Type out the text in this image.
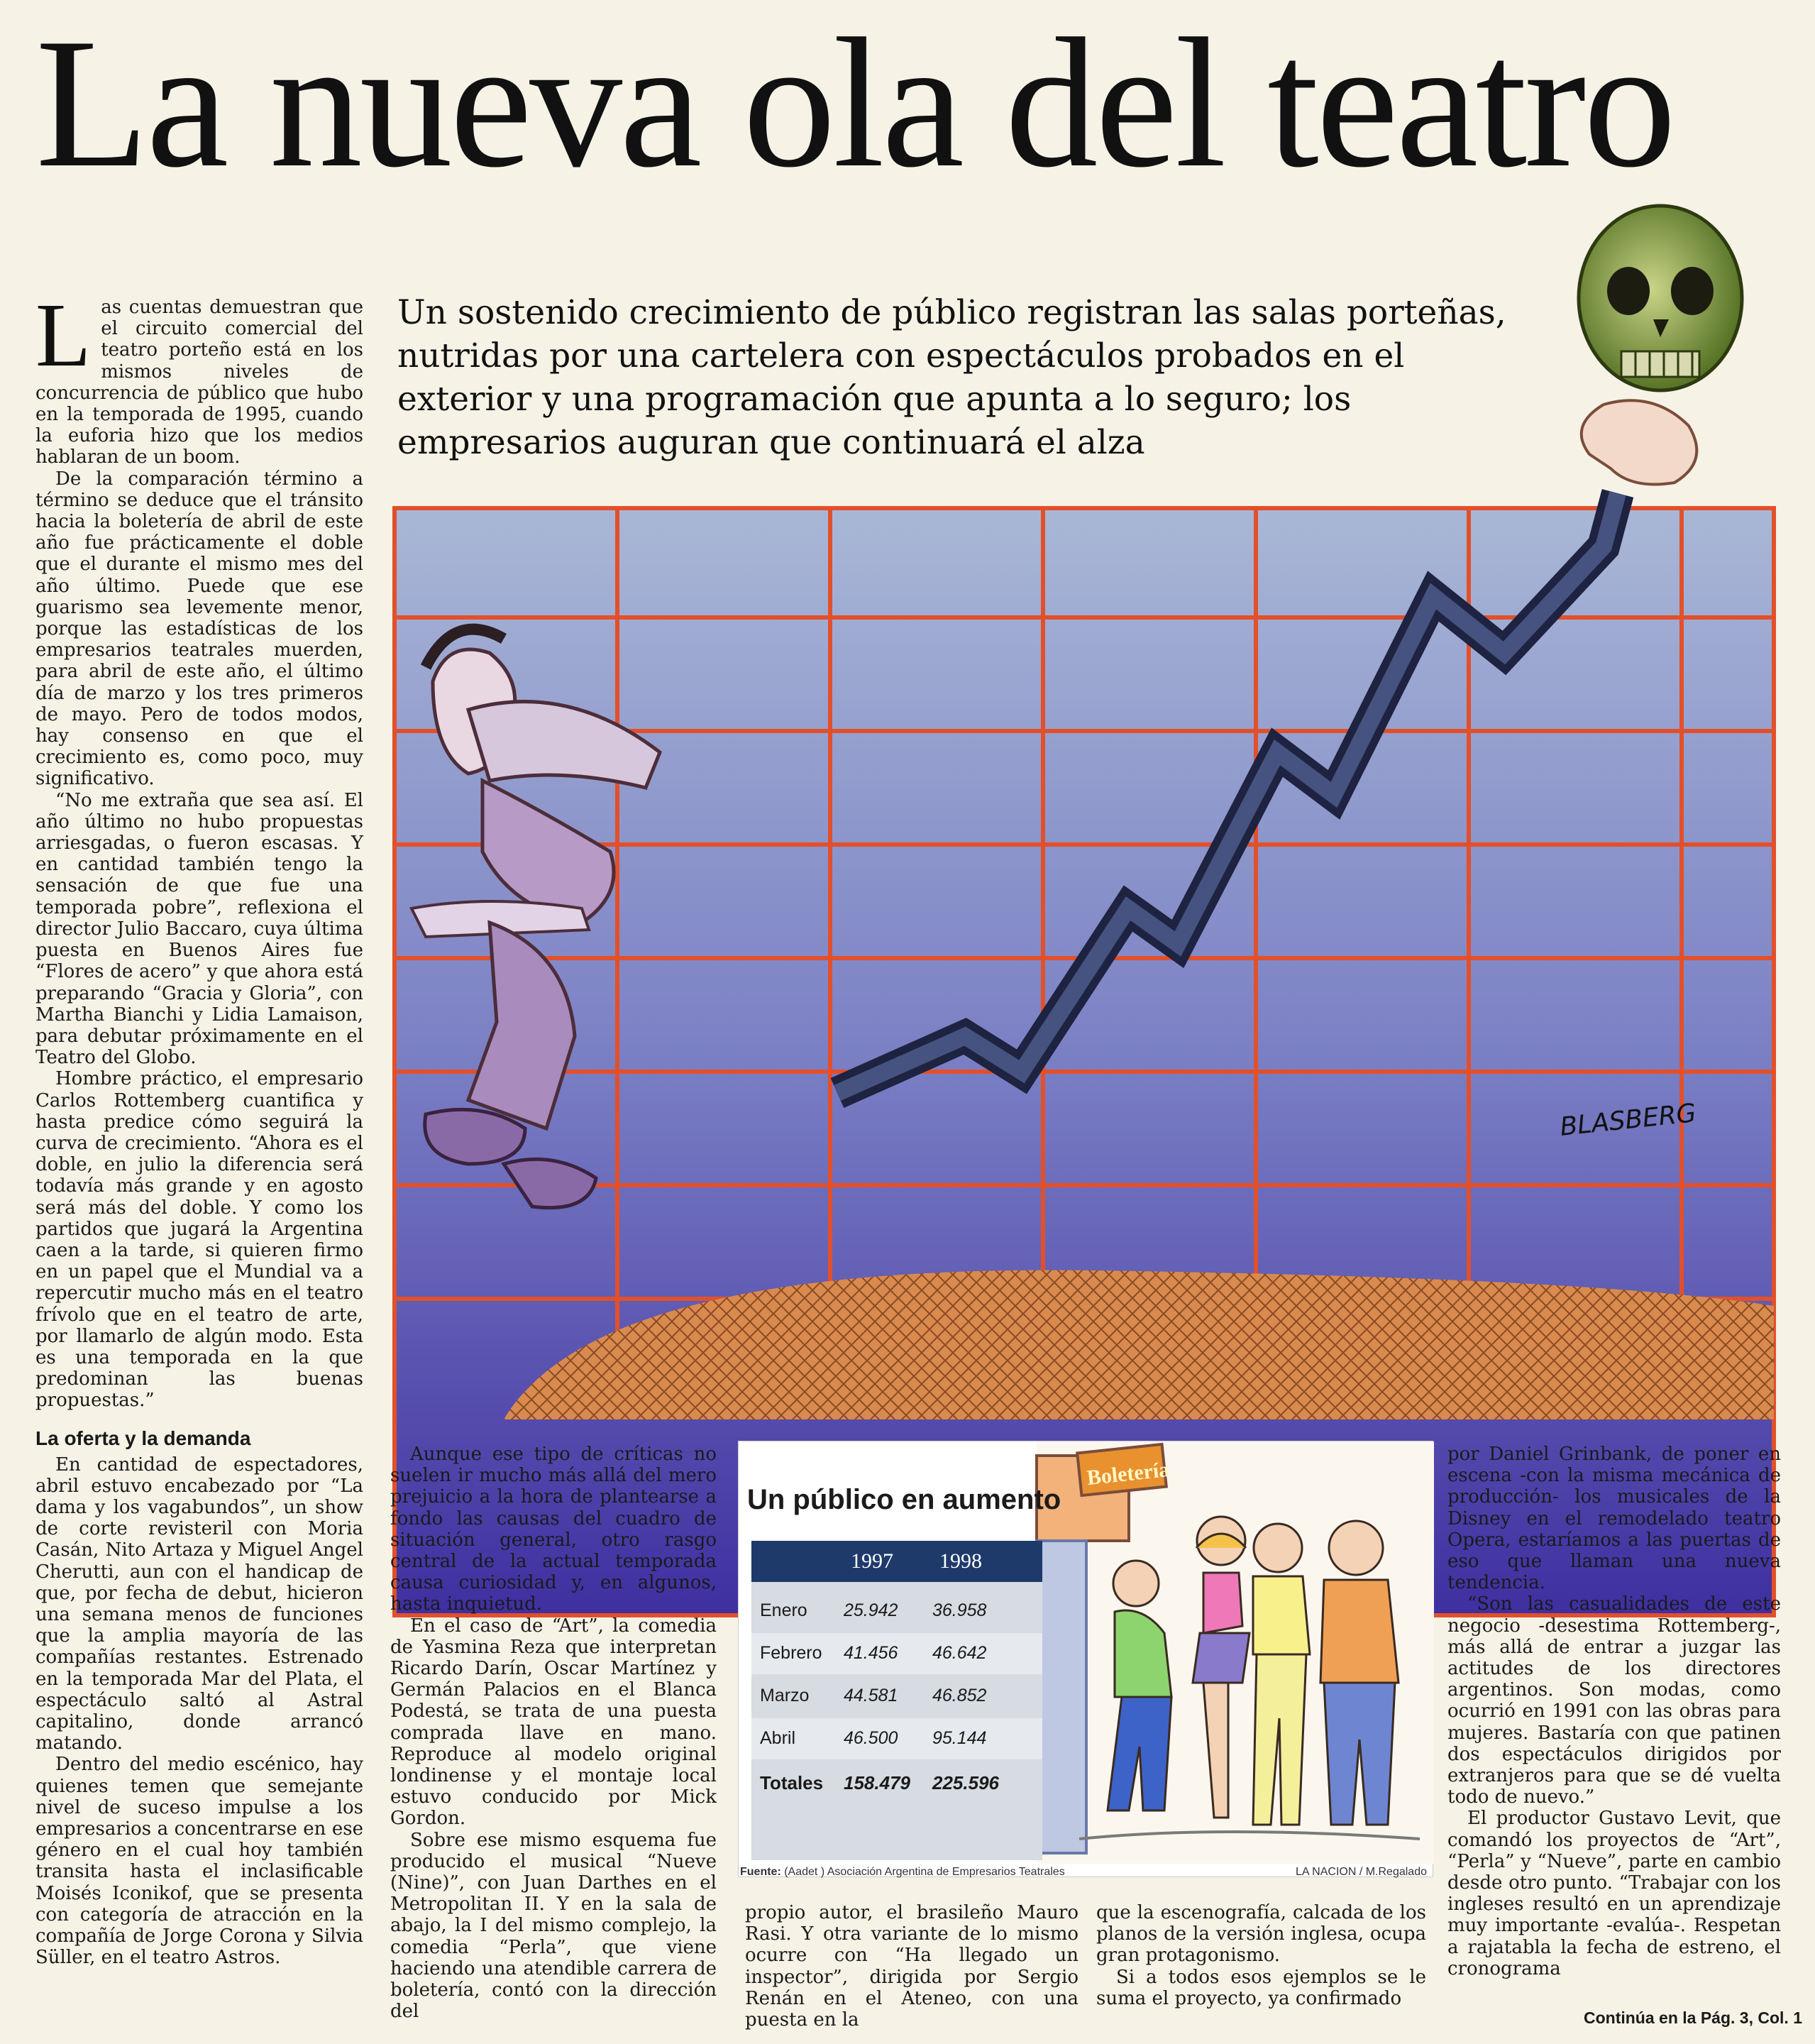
La nueva ola del teatro
Un sostenido crecimiento de público registran las salas porteñas, nutridas por una cartelera con espectáculos probados en el exterior y una programación que apunta a lo seguro; los empresarios auguran que continuará el alza
BLASBERG

Las cuentas demuestran que el circuito comercial del teatro porteño está en los mismos niveles de concurrencia de público que hubo en la temporada de 1995, cuando la euforia hizo que los medios hablaran de un boom.

De la comparación término a término se deduce que el tránsito hacia la boletería de abril de este año fue prácticamente el doble que el durante el mismo mes del año último. Puede que ese guarismo sea levemente menor, porque las estadísticas de los empresarios teatrales muerden, para abril de este año, el último día de marzo y los tres primeros de mayo. Pero de todos modos, hay consenso en que el crecimiento es, como poco, muy significativo.

“No me extraña que sea así. El año último no hubo propuestas arriesgadas, o fueron escasas. Y en cantidad también tengo la sensación de que fue una temporada pobre”, reflexiona el director Julio Baccaro, cuya última puesta en Buenos Aires fue “Flores de acero” y que ahora está preparando “Gracia y Gloria”, con Martha Bianchi y Lidia Lamaison, para debutar próximamente en el Teatro del Globo.

Hombre práctico, el empresario Carlos Rottemberg cuantifica y hasta predice cómo seguirá la curva de crecimiento. “Ahora es el doble, en julio la diferencia será todavía más grande y en agosto será más del doble. Y como los partidos que jugará la Argentina caen a la tarde, si quieren firmo en un papel que el Mundial va a repercutir mucho más en el teatro frívolo que en el teatro de arte, por llamarlo de algún modo. Esta es una temporada en la que predominan las buenas propuestas.”

La oferta y la demanda

En cantidad de espectadores, abril estuvo encabezado por “La dama y los vagabundos”, un show de corte revisteril con Moria Casán, Nito Artaza y Miguel Angel Cherutti, aun con el handicap de que, por fecha de debut, hicieron una semana menos de funciones que la amplia mayoría de las compañías restantes. Estrenado en la temporada Mar del Plata, el espectáculo saltó al Astral capitalino, donde arrancó matando.

Dentro del medio escénico, hay quienes temen que semejante nivel de suceso impulse a los empresarios a concentrarse en ese género en el cual hoy también transita hasta el inclasificable Moisés Iconikof, que se presenta con categoría de atracción en la compañía de Jorge Corona y Silvia Süller, en el teatro Astros.

Aunque ese tipo de críticas no suelen ir mucho más allá del mero prejuicio a la hora de plantearse a fondo las causas del cuadro de situación general, otro rasgo central de la actual temporada causa curiosidad y, en algunos, hasta inquietud.

En el caso de “Art”, la comedia de Yasmina Reza que interpretan Ricardo Darín, Oscar Martínez y Germán Palacios en el Blanca Podestá, se trata de una puesta comprada llave en mano. Reproduce al modelo original londinense y el montaje local estuvo conducido por Mick Gordon.

Sobre ese mismo esquema fue producido el musical “Nueve (Nine)”, con Juan Darthes en el Metropolitan II. Y en la sala de abajo, la I del mismo complejo, la comedia “Perla”, que viene haciendo una atendible carrera de boletería, contó con la dirección del

Boletería
Un público en aumento
1997 1998
Enero 25.942 36.958
Febrero 41.456 46.642
Marzo 44.581 46.852
Abril	46.500 95.144
Totales 158.479 225.596
Fuente: (Aadet ) Asociación Argentina de Empresarios Teatrales	LA NACION / M.Regalado

propio autor, el brasileño Mauro Rasi. Y otra variante de lo mismo ocurre con “Ha llegado un inspector”, dirigida por Sergio Renán en el Ateneo, con una puesta en la

que la escenografía, calcada de los planos de la versión inglesa, ocupa gran protagonismo.

Si a todos esos ejemplos se le suma el proyecto, ya confirmado

por Daniel Grinbank, de poner en escena -con la misma mecánica de producción- los musicales de la Disney en el remodelado teatro Opera, estaríamos a las puertas de eso que llaman una nueva tendencia.

“Son las casualidades de este negocio -desestima Rottemberg-, más allá de entrar a juzgar las actitudes de los directores argentinos. Son modas, como ocurrió en 1991 con las obras para mujeres. Bastaría con que patinen dos espectáculos dirigidos por extranjeros para que se dé vuelta todo de nuevo.”

El productor Gustavo Levit, que comandó los proyectos de “Art”, “Perla” y “Nueve”, parte en cambio desde otro punto. “Trabajar con los ingleses resultó en un aprendizaje muy importante -evalúa-. Respetan a rajatabla la fecha de estreno, el cronograma

Continúa en la Pág. 3, Col. 1
